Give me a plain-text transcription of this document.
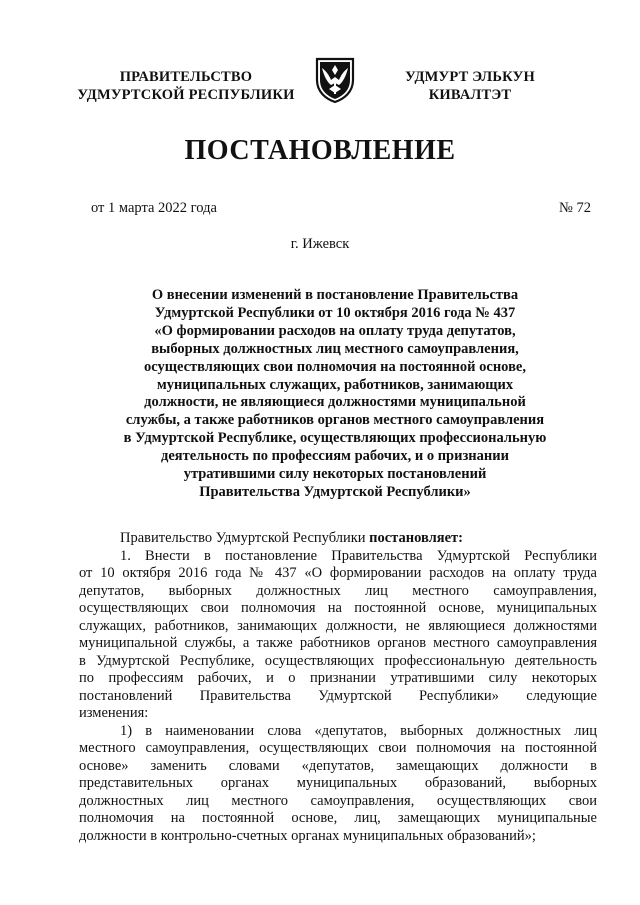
ПРАВИТЕЛЬСТВО
УДМУРТСКОЙ РЕСПУБЛИКИ
УДМУРТ ЭЛЬКУН
КИВАЛТЭТ
ПОСТАНОВЛЕНИЕ
от 1 марта 2022 года	№ 72
г. Ижевск
О внесении изменений в постановление Правительства
Удмуртской Республики от 10 октября 2016 года № 437
«О формировании расходов на оплату труда депутатов,
выборных должностных лиц местного самоуправления,
осуществляющих свои полномочия на постоянной основе,
муниципальных служащих, работников, занимающих
должности, не являющиеся должностями муниципальной
службы, а также работников органов местного самоуправления
в Удмуртской Республике, осуществляющих профессиональную
деятельность по профессиям рабочих, и о признании
утратившими силу некоторых постановлений
Правительства Удмуртской Республики»
Правительство Удмуртской Республики постановляет:
1. Внести в постановление Правительства Удмуртской Республики
от 10 октября 2016 года № 437 «О формировании расходов на оплату труда
депутатов, выборных должностных лиц местного самоуправления,
осуществляющих свои полномочия на постоянной основе, муниципальных
служащих, работников, занимающих должности, не являющиеся должностями
муниципальной службы, а также работников органов местного самоуправления
в Удмуртской Республике, осуществляющих профессиональную деятельность
по профессиям рабочих, и о признании утратившими силу некоторых
постановлений Правительства Удмуртской Республики» следующие
изменения:
1) в наименовании слова «депутатов, выборных должностных лиц
местного самоуправления, осуществляющих свои полномочия на постоянной
основе» заменить словами «депутатов, замещающих должности в
представительных органах муниципальных образований, выборных
должностных лиц местного самоуправления, осуществляющих свои
полномочия на постоянной основе, лиц, замещающих муниципальные
должности в контрольно-счетных органах муниципальных образований»;
